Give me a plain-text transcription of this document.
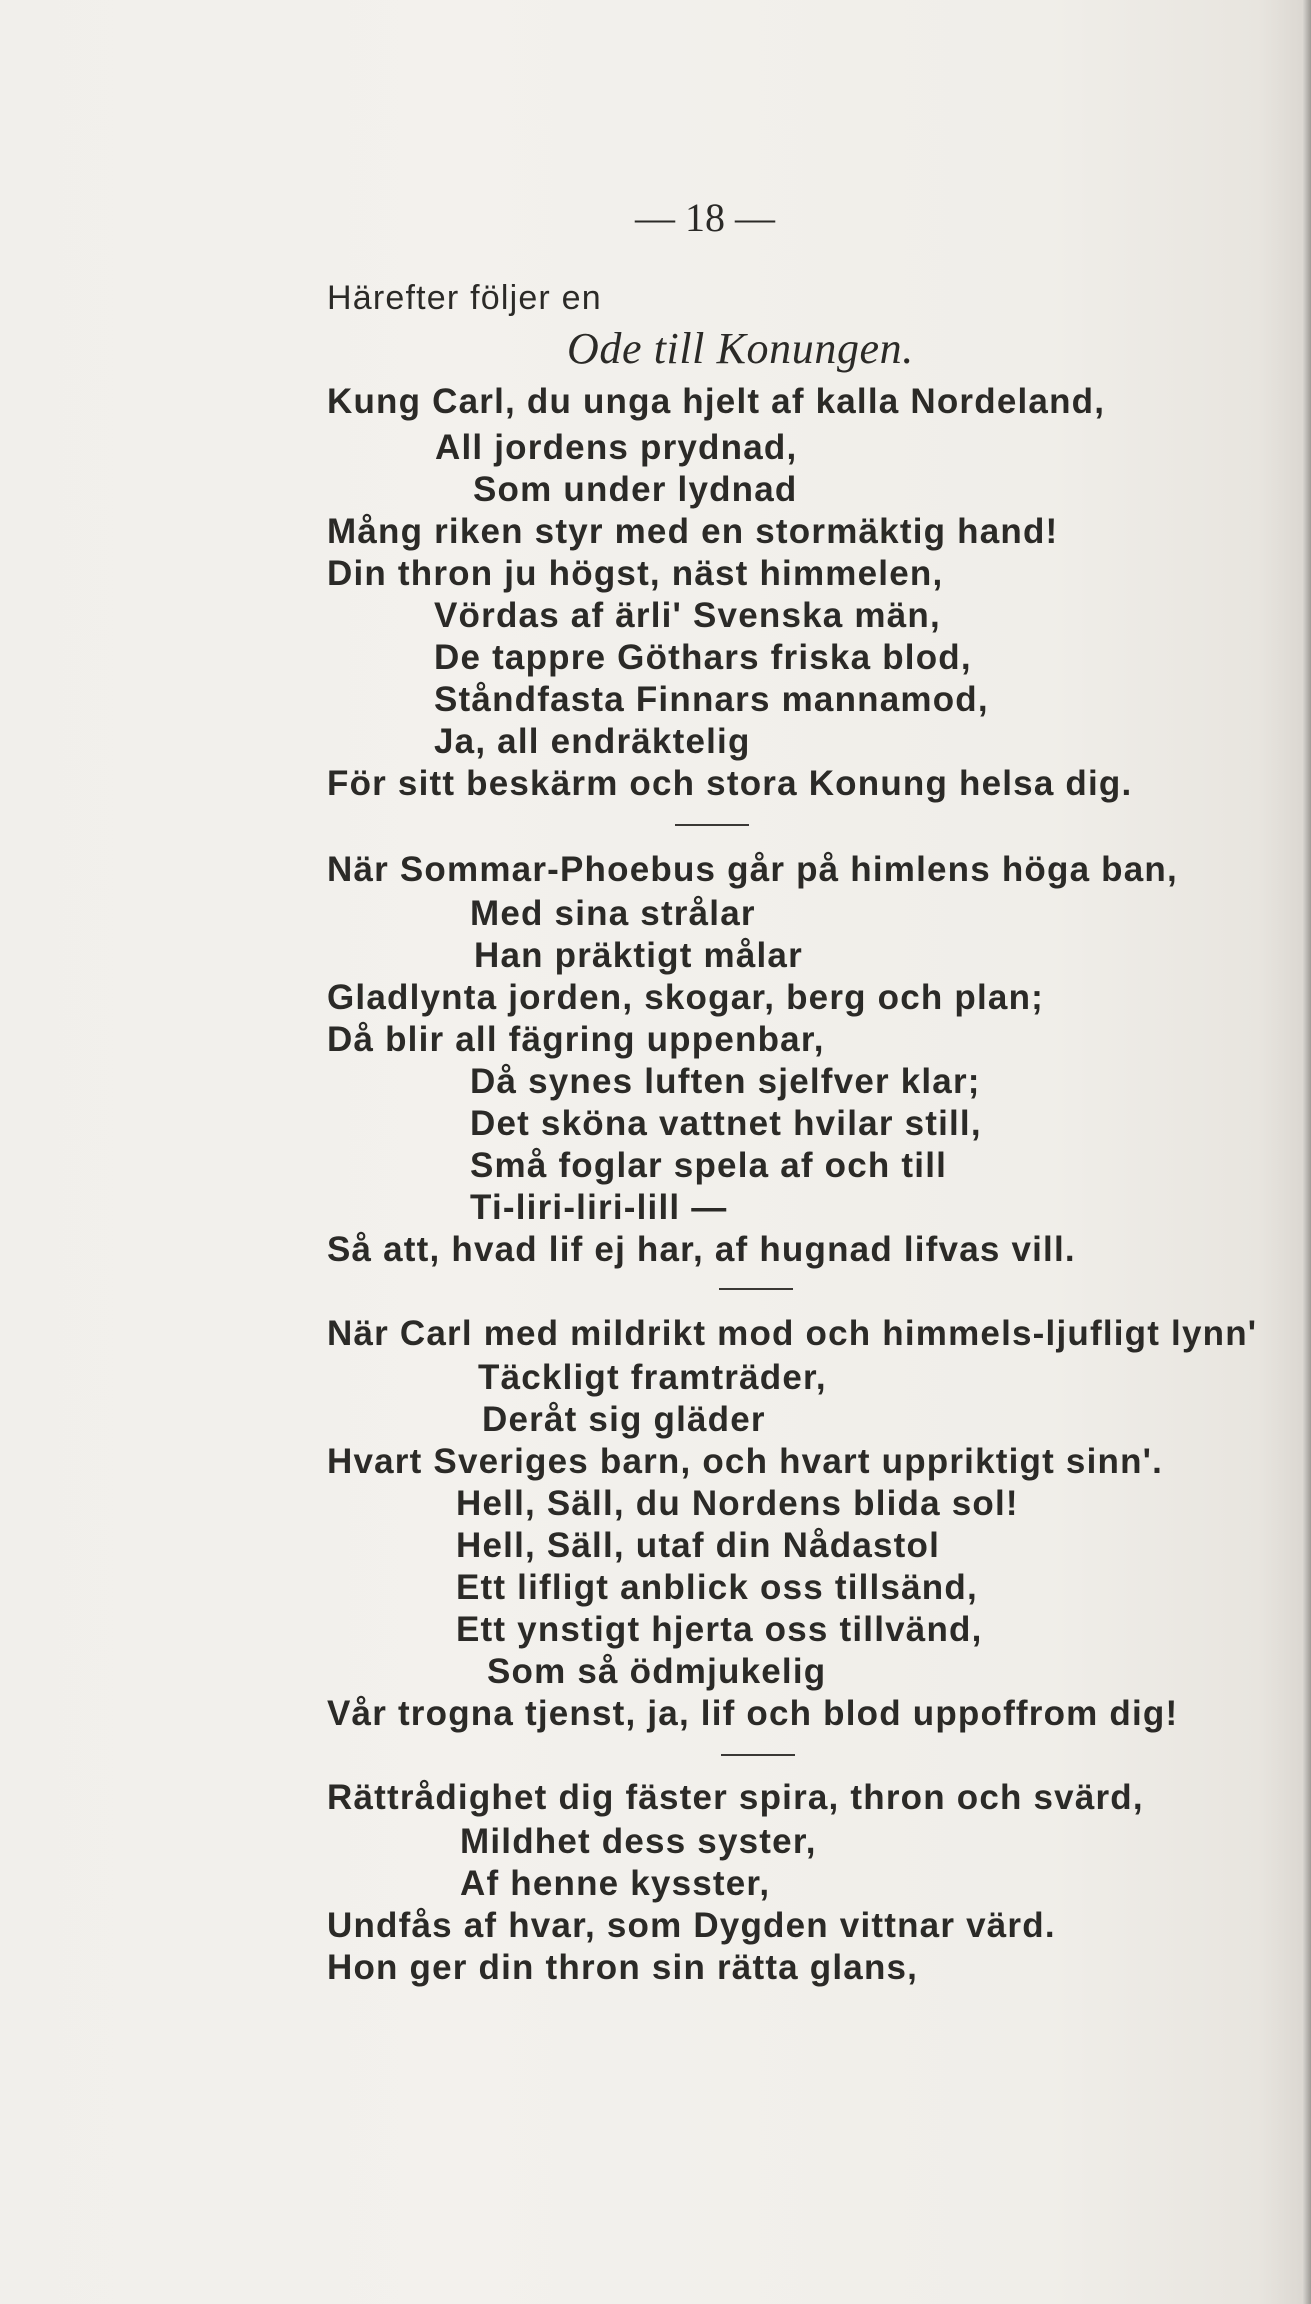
— 18 —
Härefter följer en
Ode till Konungen.
Kung Carl, du unga hjelt af kalla Nordeland,
All jordens prydnad,
Som under lydnad
Mång riken styr med en stormäktig hand!
Din thron ju högst, näst himmelen,
Vördas af ärli' Svenska män,
De tappre Göthars friska blod,
Ståndfasta Finnars mannamod,
Ja, all endräktelig
För sitt beskärm och stora Konung helsa dig.
När Sommar-Phoebus går på himlens höga ban,
Med sina strålar
Han präktigt målar
Gladlynta jorden, skogar, berg och plan;
Då blir all fägring uppenbar,
Då synes luften sjelfver klar;
Det sköna vattnet hvilar still,
Små foglar spela af och till
Ti-liri-liri-lill —
Så att, hvad lif ej har, af hugnad lifvas vill.
När Carl med mildrikt mod och himmels-ljufligt lynn'
Täckligt framträder,
Deråt sig gläder
Hvart Sveriges barn, och hvart uppriktigt sinn'.
Hell, Säll, du Nordens blida sol!
Hell, Säll, utaf din Nådastol
Ett lifligt anblick oss tillsänd,
Ett ynstigt hjerta oss tillvänd,
Som så ödmjukelig
Vår trogna tjenst, ja, lif och blod uppoffrom dig!
Rättrådighet dig fäster spira, thron och svärd,
Mildhet dess syster,
Af henne kysster,
Undfås af hvar, som Dygden vittnar värd.
Hon ger din thron sin rätta glans,
